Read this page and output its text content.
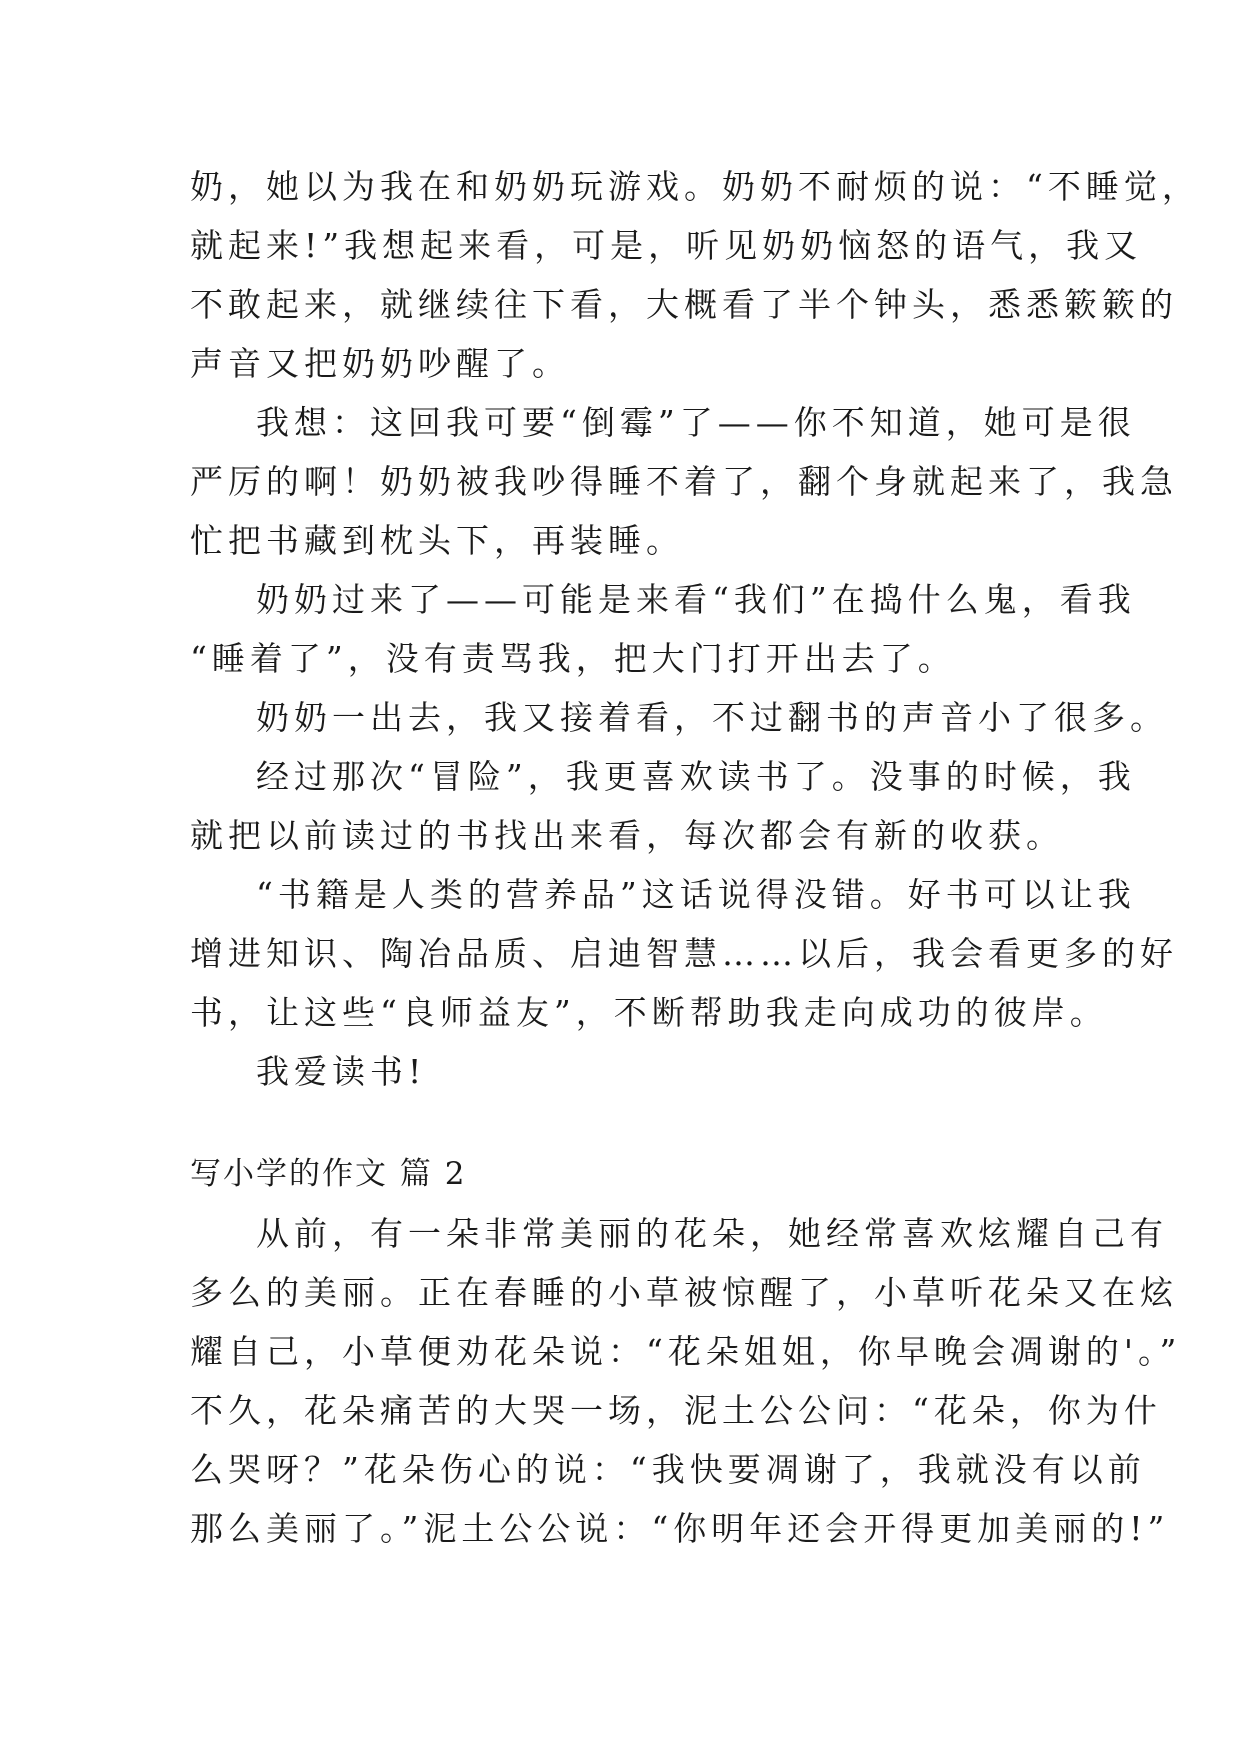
奶，她以为我在和奶奶玩游戏。奶奶不耐烦的说：“不睡觉，
就起来!”我想起来看，可是，听见奶奶恼怒的语气，我又
不敢起来，就继续往下看，大概看了半个钟头，悉悉簌簌的
声音又把奶奶吵醒了。
我想：这回我可要“倒霉”了——你不知道，她可是很
严厉的啊！奶奶被我吵得睡不着了，翻个身就起来了，我急
忙把书藏到枕头下，再装睡。
奶奶过来了——可能是来看“我们”在捣什么鬼，看我
“睡着了”，没有责骂我，把大门打开出去了。
奶奶一出去，我又接着看，不过翻书的声音小了很多。
经过那次“冒险”，我更喜欢读书了。没事的时候，我
就把以前读过的书找出来看，每次都会有新的收获。
“书籍是人类的营养品”这话说得没错。好书可以让我
增进知识、陶冶品质、启迪智慧……以后，我会看更多的好
书，让这些“良师益友”，不断帮助我走向成功的彼岸。
我爱读书!
写小学的作文 篇 2
从前，有一朵非常美丽的花朵，她经常喜欢炫耀自己有
多么的美丽。正在春睡的小草被惊醒了，小草听花朵又在炫
耀自己，小草便劝花朵说：“花朵姐姐，你早晚会凋谢的'。”
不久，花朵痛苦的大哭一场，泥土公公问：“花朵，你为什
么哭呀？”花朵伤心的说：“我快要凋谢了，我就没有以前
那么美丽了。”泥土公公说：“你明年还会开得更加美丽的!”
